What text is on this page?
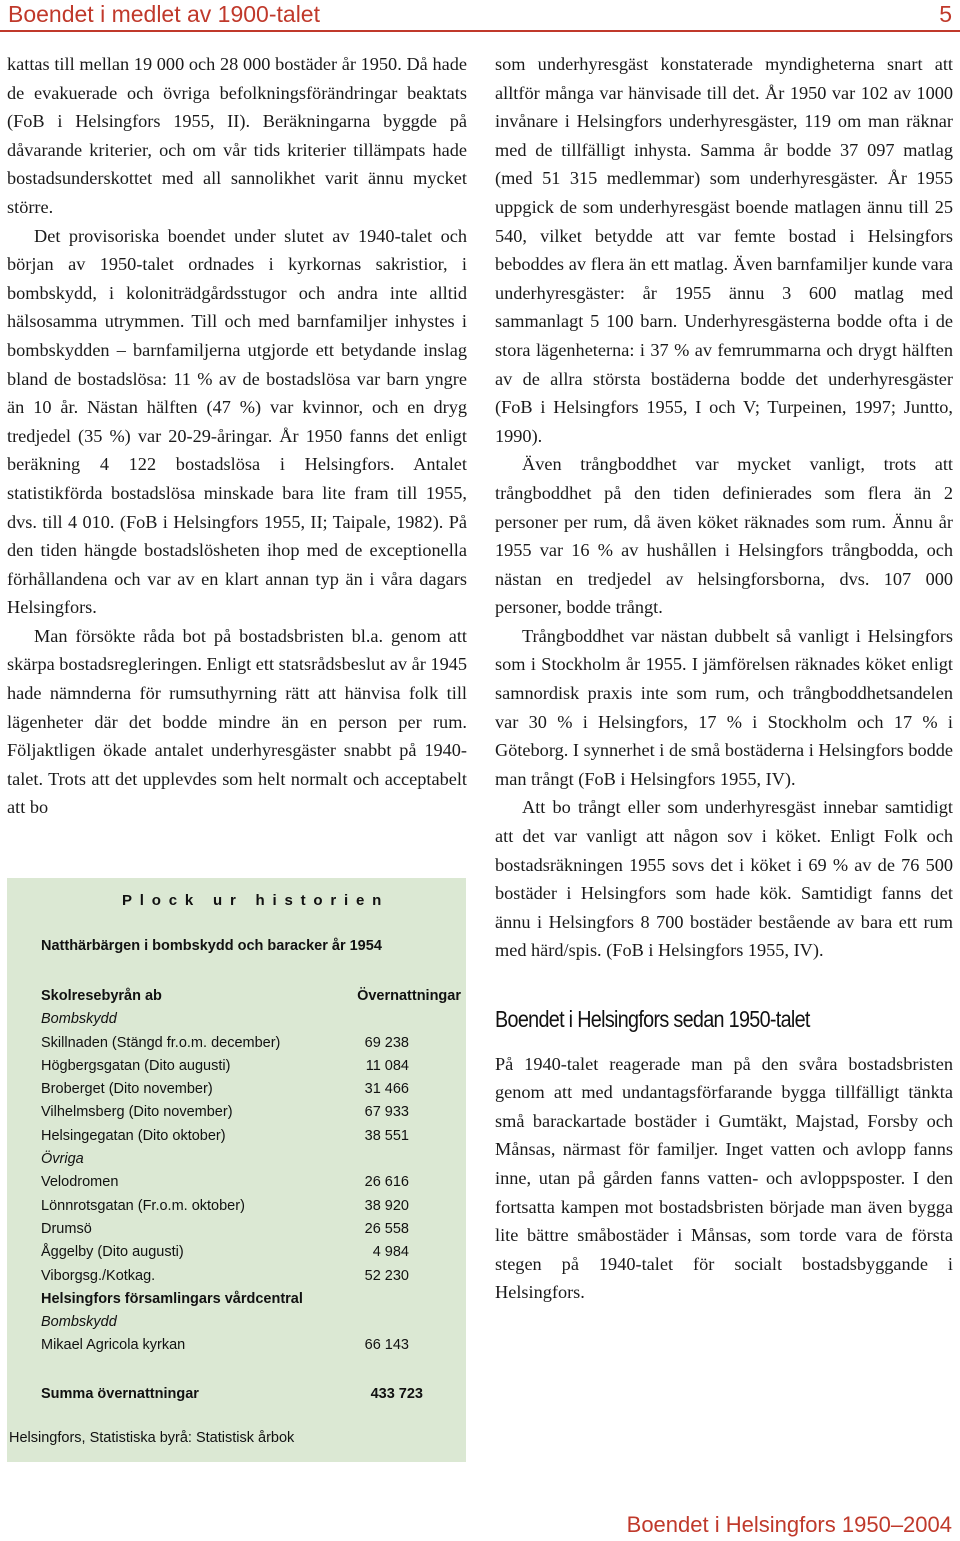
Boendet i medlet av 1900-talet	5

kattas till mellan 19 000 och 28 000 bostäder år 1950. Då hade de evakuerade och övriga befolkningsförändringar beaktats (FoB i Helsingfors 1955, II). Beräkningarna byggde på dåvarande kriterier, och om vår tids kriterier tillämpats hade bostadsunderskottet med all sannolikhet varit ännu mycket större.

Det provisoriska boendet under slutet av 1940-talet och början av 1950-talet ordnades i kyrkornas sakristior, i bombskydd, i koloniträdgårdsstugor och andra inte alltid hälsosamma utrymmen. Till och med barnfamiljer inhystes i bombskydden – barnfamiljerna utgjorde ett betydande inslag bland de bostadslösa: 11 % av de bostadslösa var barn yngre än 10 år. Nästan hälften (47 %) var kvinnor, och en dryg tredjedel (35 %) var 20-29-åringar. År 1950 fanns det enligt beräkning 4 122 bostadslösa i Helsingfors. Antalet statistikförda bostadslösa minskade bara lite fram till 1955, dvs. till 4 010. (FoB i Helsingfors 1955, II; Taipale, 1982). På den tiden hängde bostadslösheten ihop med de exceptionella förhållandena och var av en klart annan typ än i våra dagars Helsingfors.

Man försökte råda bot på bostadsbristen bl.a. genom att skärpa bostadsregleringen. Enligt ett statsrådsbeslut av år 1945 hade nämnderna för rumsuthyrning rätt att hänvisa folk till lägenheter där det bodde mindre än en person per rum. Följaktligen ökade antalet underhyresgäster snabbt på 1940-talet. Trots att det upplevdes som helt normalt och acceptabelt att bo

Plock ur historien
Natthärbärgen i bombskydd och baracker år 1954
Skolresebyrån ab	Övernattningar
Bombskydd
Skillnaden (Stängd fr.o.m. december)	69 238
Högbergsgatan (Dito augusti)	11 084
Broberget (Dito november)	31 466
Vilhelmsberg (Dito november)	67 933
Helsingegatan (Dito oktober)	38 551
Övriga
Velodromen	26 616
Lönnrotsgatan (Fr.o.m. oktober)	38 920
Drumsö	26 558
Åggelby (Dito augusti)	4 984
Viborgsg./Kotkag.	52 230
Helsingfors församlingars vårdcentral
Bombskydd
Mikael Agricola kyrkan	66 143
Summa övernattningar	433 723
Helsingfors, Statistiska byrå: Statistisk årbok

som underhyresgäst konstaterade myndigheterna snart att alltför många var hänvisade till det. År 1950 var 102 av 1000 invånare i Helsingfors underhyresgäster, 119 om man räknar med de tillfälligt inhysta. Samma år bodde 37 097 matlag (med 51 315 medlemmar) som underhyresgäster. År 1955 uppgick de som underhyresgäst boende matlagen ännu till 25 540, vilket betydde att var femte bostad i Helsingfors beboddes av flera än ett matlag. Även barnfamiljer kunde vara underhyresgäster: år 1955 ännu 3 600 matlag med sammanlagt 5 100 barn. Underhyresgästerna bodde ofta i de stora lägenheterna: i 37 % av femrummarna och drygt hälften av de allra största bostäderna bodde det underhyresgäster (FoB i Helsingfors 1955, I och V; Turpeinen, 1997; Juntto, 1990).

Även trångboddhet var mycket vanligt, trots att trångboddhet på den tiden definierades som flera än 2 personer per rum, då även köket räknades som rum. Ännu år 1955 var 16 % av hushållen i Helsingfors trångbodda, och nästan en tredjedel av helsingforsborna, dvs. 107 000 personer, bodde trångt.

Trångboddhet var nästan dubbelt så vanligt i Helsingfors som i Stockholm år 1955. I jämförelsen räknades köket enligt samnordisk praxis inte som rum, och trångboddhetsandelen var 30 % i Helsingfors, 17 % i Stockholm och 17 % i Göteborg. I synnerhet i de små bostäderna i Helsingfors bodde man trångt (FoB i Helsingfors 1955, IV).

Att bo trångt eller som underhyresgäst innebar samtidigt att det var vanligt att någon sov i köket. Enligt Folk och bostadsräkningen 1955 sovs det i köket i 69 % av de 76 500 bostäder i Helsingfors som hade kök. Samtidigt fanns det ännu i Helsingfors 8 700 bostäder bestående av bara ett rum med härd/spis. (FoB i Helsingfors 1955, IV).

Boendet i Helsingfors sedan 1950-talet

På 1940-talet reagerade man på den svåra bostadsbristen genom att med undantagsförfarande bygga tillfälligt tänkta små barackartade bostäder i Gumtäkt, Majstad, Forsby och Månsas, närmast för familjer. Inget vatten och avlopp fanns inne, utan på gården fanns vatten- och avloppsposter. I den fortsatta kampen mot bostadsbristen började man även bygga lite bättre småbostäder i Månsas, som torde vara de första stegen på 1940-talet för socialt bostadsbyggande i Helsingfors.

Boendet i Helsingfors 1950–2004
